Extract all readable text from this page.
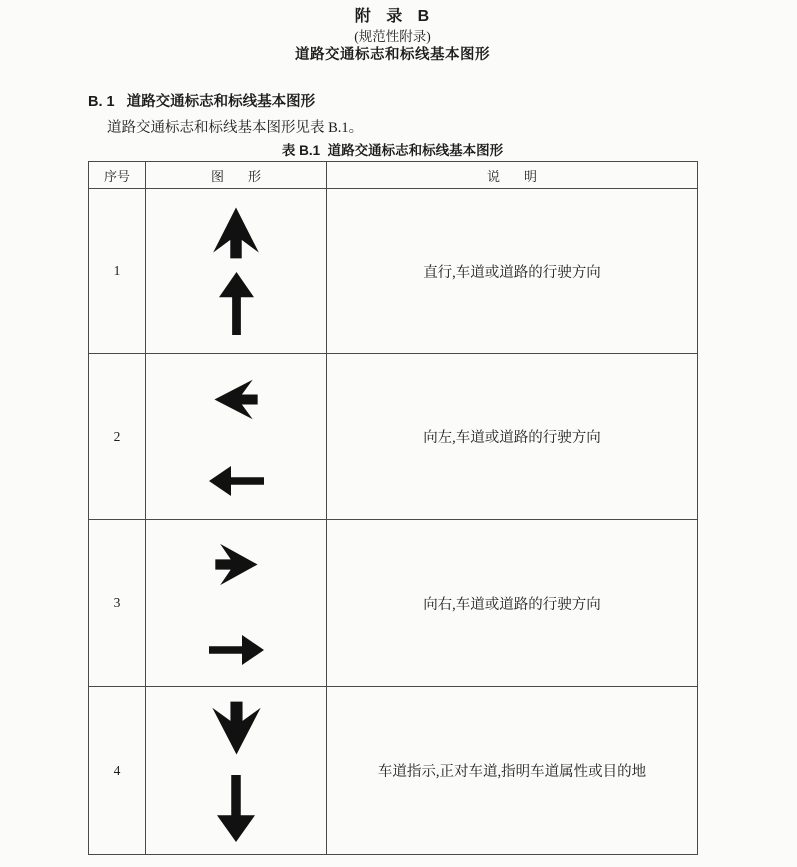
附 录 B
(规范性附录)
道路交通标志和标线基本图形
B. 1 道路交通标志和标线基本图形

道路交通标志和标线基本图形见表 B.1。

表 B.1  道路交通标志和标线基本图形
序号	图 形	说 明
1		直行,车道或道路的行驶方向
2		向左,车道或道路的行驶方向
3		向右,车道或道路的行驶方向
4		车道指示,正对车道,指明车道属性或目的地
